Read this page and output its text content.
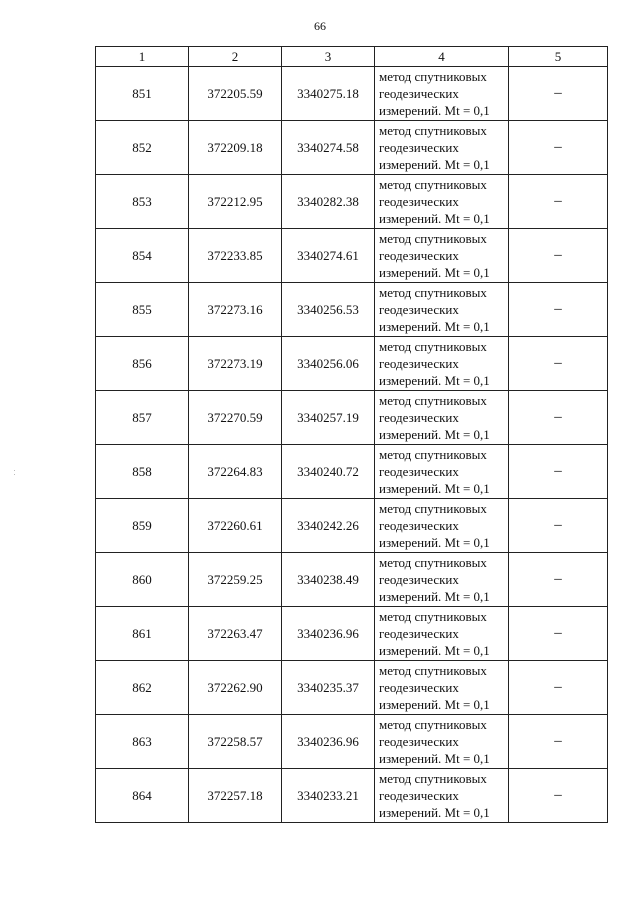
66
1	2	3	4	5
851	372205.59	3340275.18	метод спутниковых
геодезических
измерений. Mt = 0,1	–
852	372209.18	3340274.58	метод спутниковых
геодезических
измерений. Mt = 0,1	–
853	372212.95	3340282.38	метод спутниковых
геодезических
измерений. Mt = 0,1	–
854	372233.85	3340274.61	метод спутниковых
геодезических
измерений. Mt = 0,1	–
855	372273.16	3340256.53	метод спутниковых
геодезических
измерений. Mt = 0,1	–
856	372273.19	3340256.06	метод спутниковых
геодезических
измерений. Mt = 0,1	–
857	372270.59	3340257.19	метод спутниковых
геодезических
измерений. Mt = 0,1	–
858	372264.83	3340240.72	метод спутниковых
геодезических
измерений. Mt = 0,1	–
859	372260.61	3340242.26	метод спутниковых
геодезических
измерений. Mt = 0,1	–
860	372259.25	3340238.49	метод спутниковых
геодезических
измерений. Mt = 0,1	–
861	372263.47	3340236.96	метод спутниковых
геодезических
измерений. Mt = 0,1	–
862	372262.90	3340235.37	метод спутниковых
геодезических
измерений. Mt = 0,1	–
863	372258.57	3340236.96	метод спутниковых
геодезических
измерений. Mt = 0,1	–
864	372257.18	3340233.21	метод спутниковых
геодезических
измерений. Mt = 0,1	–
